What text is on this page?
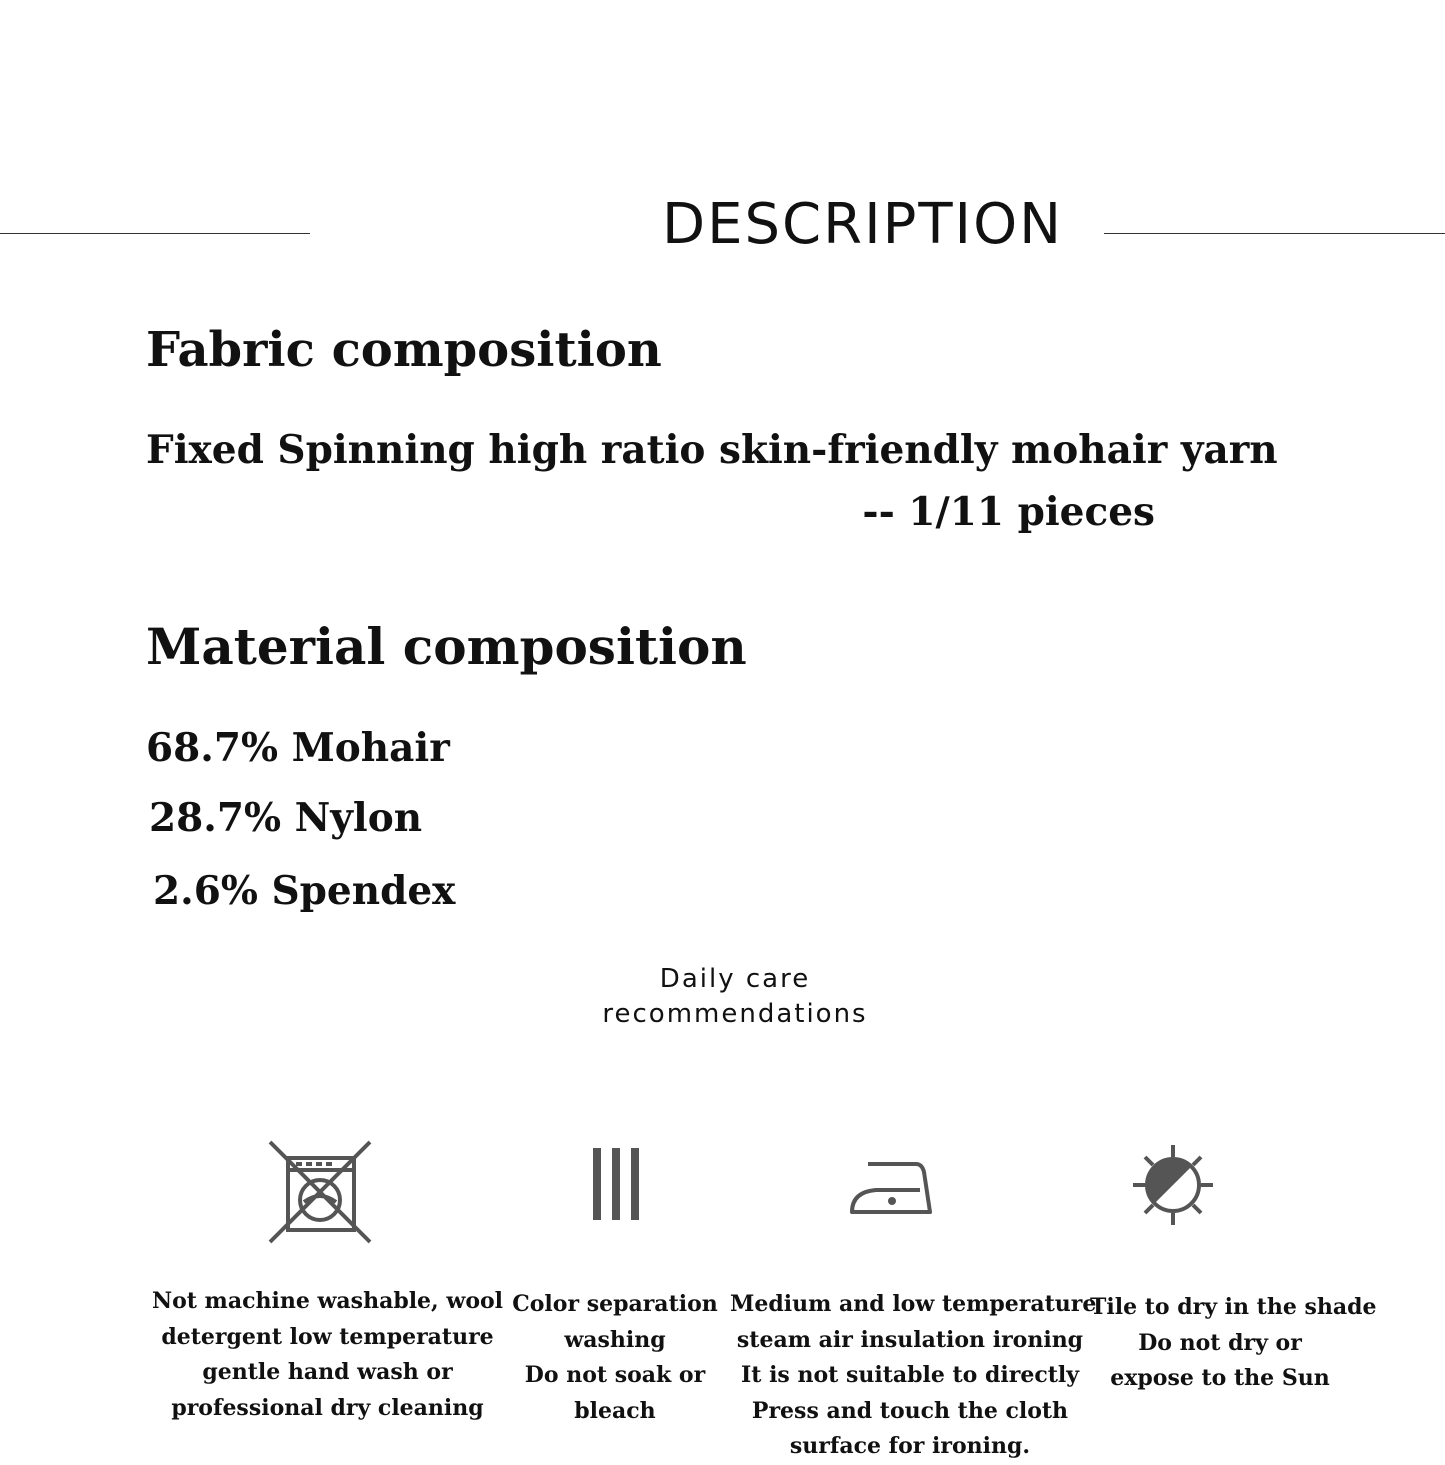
DESCRIPTION
Fabric composition

Fixed Spinning high ratio skin-friendly mohair yarn

-- 1/11 pieces

Material composition

68.7% Mohair

28.7% Nylon

2.6% Spendex

Daily care
recommendations
Not machine washable, wool
detergent low temperature
gentle hand wash or
professional dry cleaning
Color separation
washing
Do not soak or
bleach
Medium and low temperature
steam air insulation ironing
It is not suitable to directly
Press and touch the cloth
surface for ironing.
Tile to dry in the shade
Do not dry or
expose to the Sun
